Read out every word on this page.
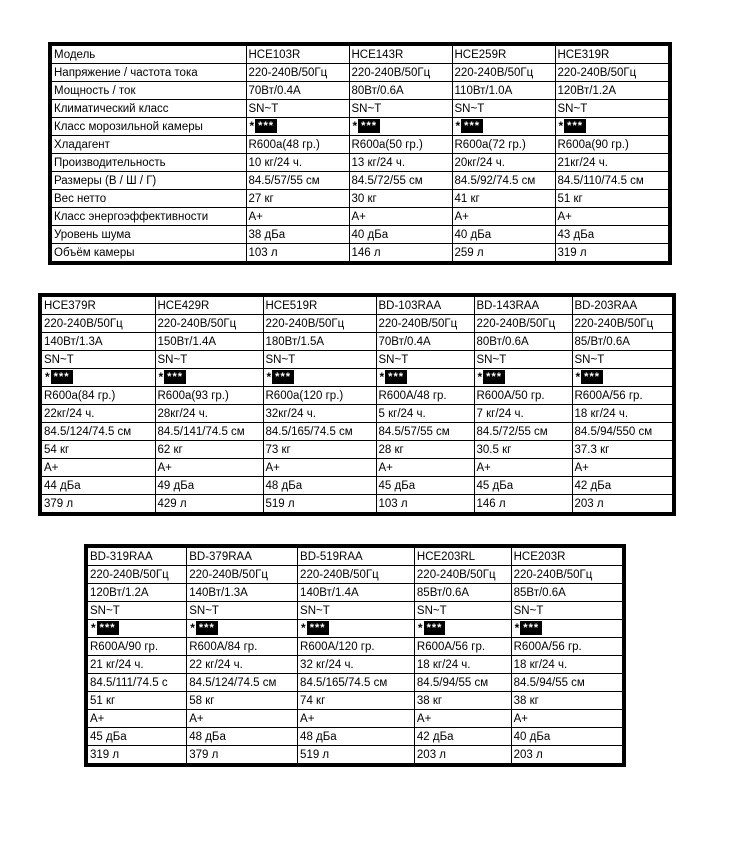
Модель	HCE103R	HCE143R	HCE259R	HCE319R
Напряжение / частота тока	220-240В/50Гц	220-240В/50Гц	220-240В/50Гц	220-240В/50Гц
Мощность / ток	70Вт/0.4А	80Вт/0.6А	110Вт/1.0А	120Вт/1.2А
Климатический класс	SN~T	SN~T	SN~T	SN~T
Класс морозильной камеры	* ***	* ***	* ***	* ***

Хладагент	R600a(48 гр.)	R600a(50 гр.)	R600a(72 гр.)	R600a(90 гр.)
Производительность	10 кг/24 ч.	13 кг/24 ч.	20кг/24 ч.	21кг/24 ч.
Размеры (В / Ш / Г)	84.5/57/55 см	84.5/72/55 см	84.5/92/74.5 см	84.5/110/74.5 см
Вес нетто	27 кг	30 кг	41 кг	51 кг
Класс энергоэффективности	А+	А+	А+	А+
Уровень шума	38 дБа	40 дБа	40 дБа	43 дБа
Объём камеры	103 л	146 л	259 л	319 л
HCE379R	HCE429R	HCE519R	BD-103RAA	BD-143RAA	BD-203RAA
220-240В/50Гц	220-240В/50Гц	220-240В/50Гц	220-240В/50Гц	220-240В/50Гц	220-240В/50Гц
140Вт/1.3А	150Вт/1.4А	180Вт/1.5А	70Вт/0.4А	80Вт/0.6А	85/Вт/0.6А
SN~T	SN~T	SN~T	SN~T	SN~T	SN~T

* ***	* ***	* ***	* ***	* ***	* ***

R600a(84 гр.)	R600a(93 гр.)	R600a(120 гр.)	R600A/48 гр.	R600A/50 гр.	R600A/56 гр.
22кг/24 ч.	28кг/24 ч.	32кг/24 ч.	5 кг/24 ч.	7 кг/24 ч.	18 кг/24 ч.
84.5/124/74.5 см	84.5/141/74.5 см	84.5/165/74.5 см	84.5/57/55 см	84.5/72/55 см	84.5/94/550 см
54 кг	62 кг	73 кг	28 кг	30.5 кг	37.3 кг
А+	А+	А+	А+	А+	А+
44 дБа	49 дБа	48 дБа	45 дБа	45 дБа	42 дБа
379 л	429 л	519 л	103 л	146 л	203 л
BD-319RAA	BD-379RAA	BD-519RAA	HCE203RL	HCE203R
220-240В/50Гц	220-240В/50Гц	220-240В/50Гц	220-240В/50Гц	220-240В/50Гц
120Вт/1.2А	140Вт/1.3А	140Вт/1.4А	85Вт/0.6А	85Вт/0.6А
SN~T	SN~T	SN~T	SN~T	SN~T

* ***	* ***	* ***	* ***	* ***

R600A/90 гр.	R600A/84 гр.	R600A/120 гр.	R600A/56 гр.	R600A/56 гр.
21 кг/24 ч.	22 кг/24 ч.	32 кг/24 ч.	18 кг/24 ч.	18 кг/24 ч.
84.5/111/74.5 с	84.5/124/74.5 см	84.5/165/74.5 см	84.5/94/55 см	84.5/94/55 см
51 кг	58 кг	74 кг	38 кг	38 кг
А+	А+	А+	А+	А+
45 дБа	48 дБа	48 дБа	42 дБа	40 дБа
319 л	379 л	519 л	203 л	203 л
